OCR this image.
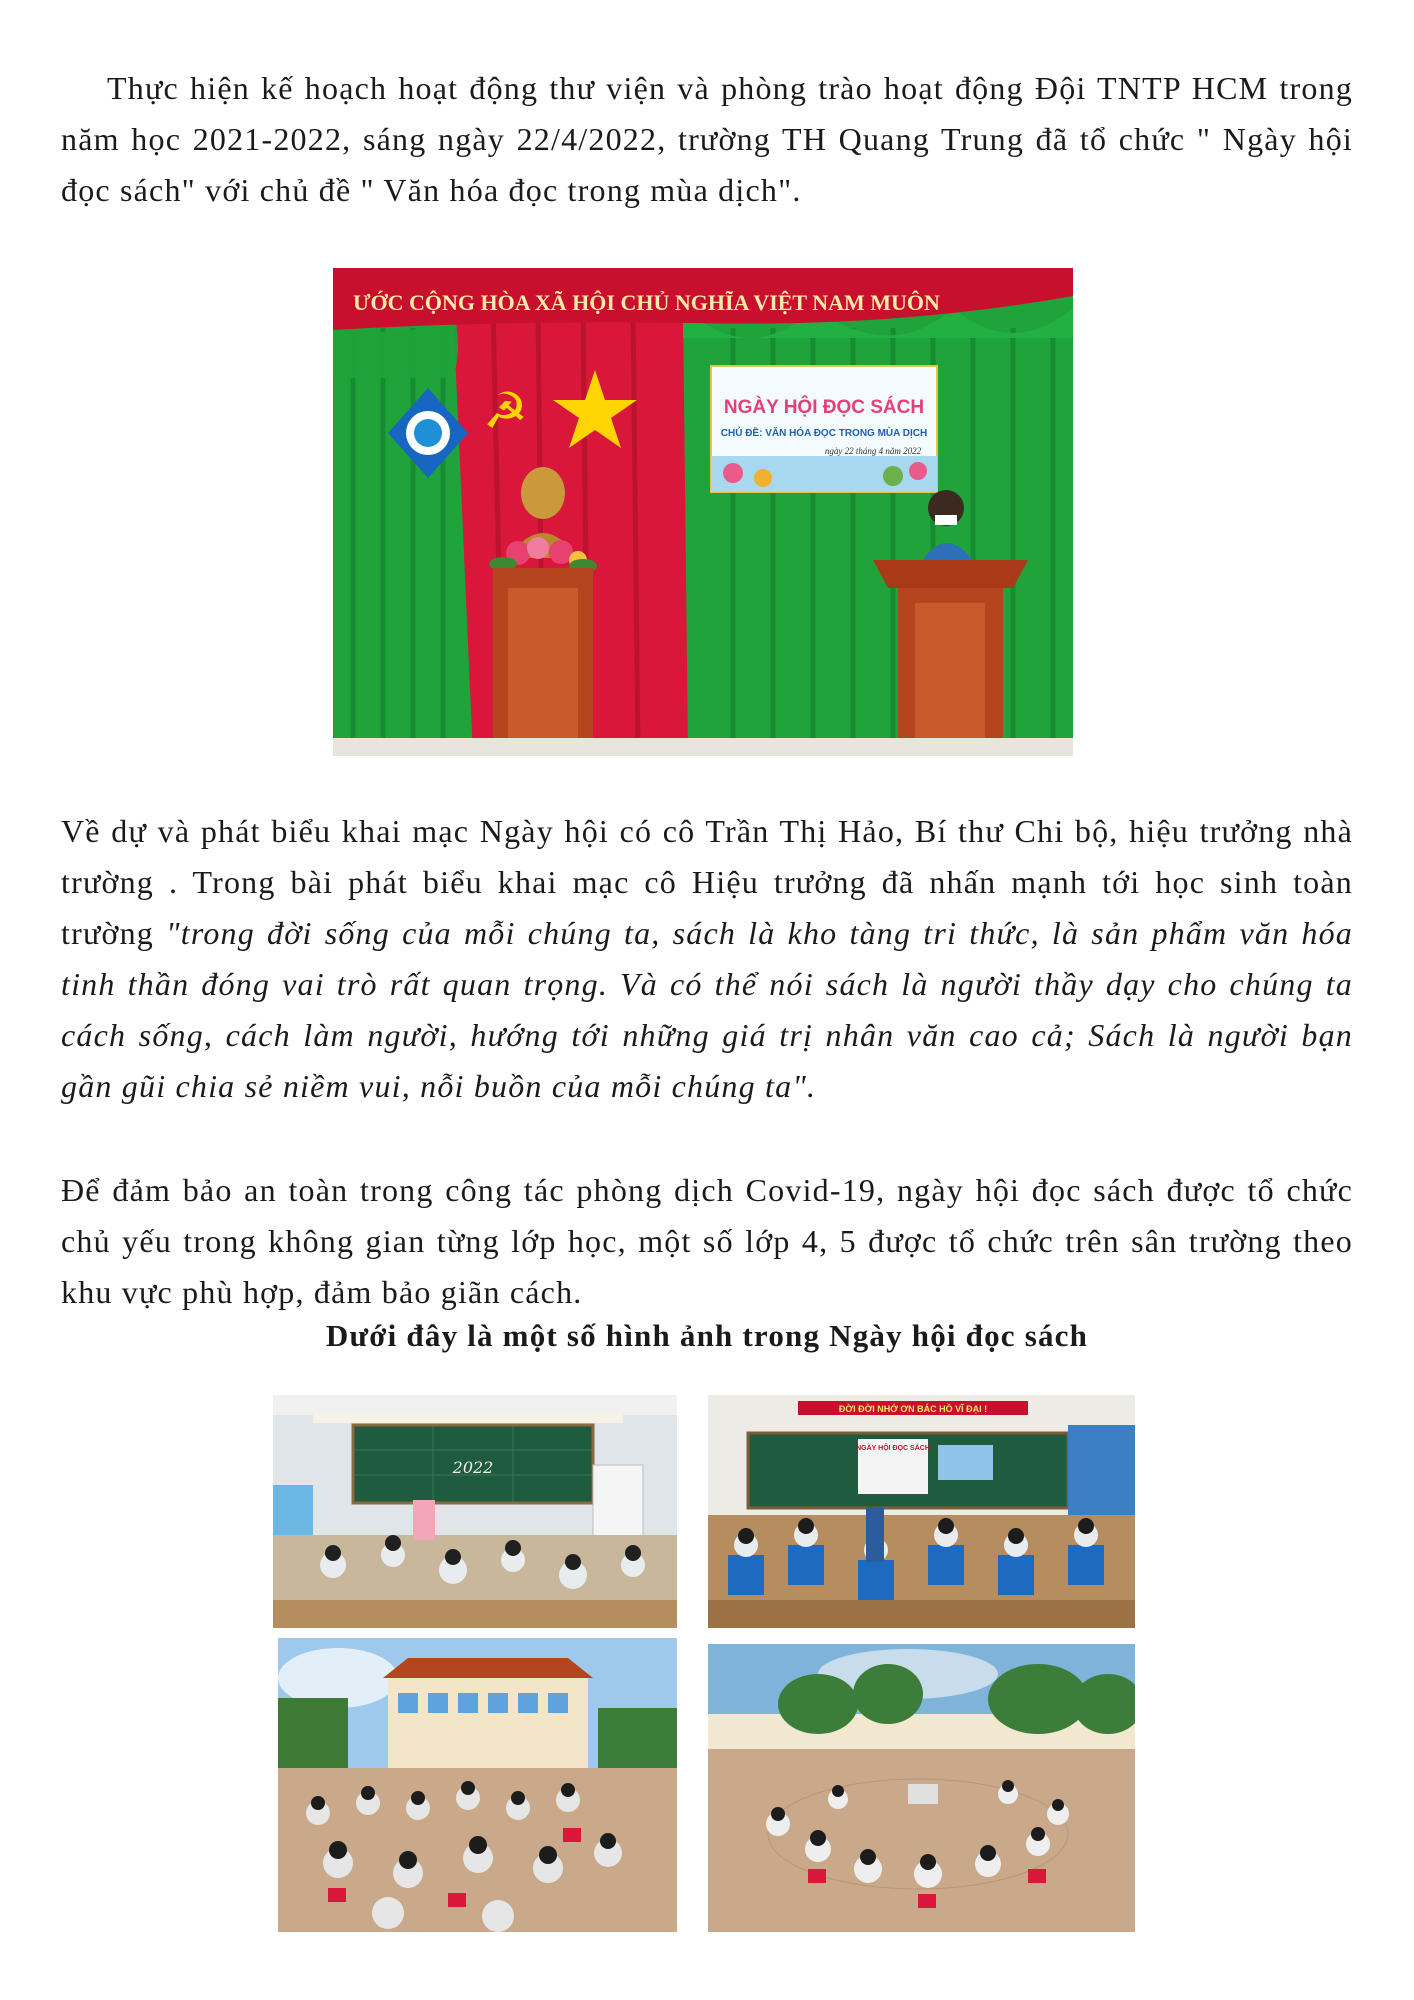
Thực hiện kế hoạch hoạt động thư viện và phòng trào hoạt động Đội TNTP HCM trong năm học 2021-2022, sáng ngày 22/4/2022, trường TH Quang Trung đã tổ chức " Ngày hội đọc sách" với chủ đề " Văn hóa đọc trong mùa dịch".

ƯỚC CỘNG HÒA XÃ HỘI CHỦ NGHĨA VIỆT NAM MUÔN
☭	NGÀY HỘI ĐỌC SÁCH
CHỦ ĐỀ: VĂN HÓA ĐỌC TRONG MÙA DỊCH
ngày 22 tháng 4 năm 2022

Về dự và phát biểu khai mạc Ngày hội có cô Trần Thị Hảo, Bí thư Chi bộ, hiệu trưởng nhà trường . Trong bài phát biểu khai mạc cô Hiệu trưởng đã nhấn mạnh tới học sinh toàn trường "trong đời sống của mỗi chúng ta, sách là kho tàng tri thức, là sản phẩm văn hóa tinh thần đóng vai trò rất quan trọng. Và có thể nói sách là người thầy dạy cho chúng ta cách sống, cách làm người, hướng tới những giá trị nhân văn cao cả; Sách là người bạn gần gũi chia sẻ niềm vui, nỗi buồn của mỗi chúng ta".

Để đảm bảo an toàn trong công tác phòng dịch Covid-19, ngày hội đọc sách được tổ chức chủ yếu trong không gian từng lớp học, một số lớp 4, 5 được tổ chức trên sân trường theo khu vực phù hợp, đảm bảo giãn cách.

Dưới đây là một số hình ảnh trong Ngày hội đọc sách
2022
ĐỜI ĐỜI NHỚ ƠN BÁC HỒ VĨ ĐẠI !
NGÀY HỘI ĐỌC SÁCH
